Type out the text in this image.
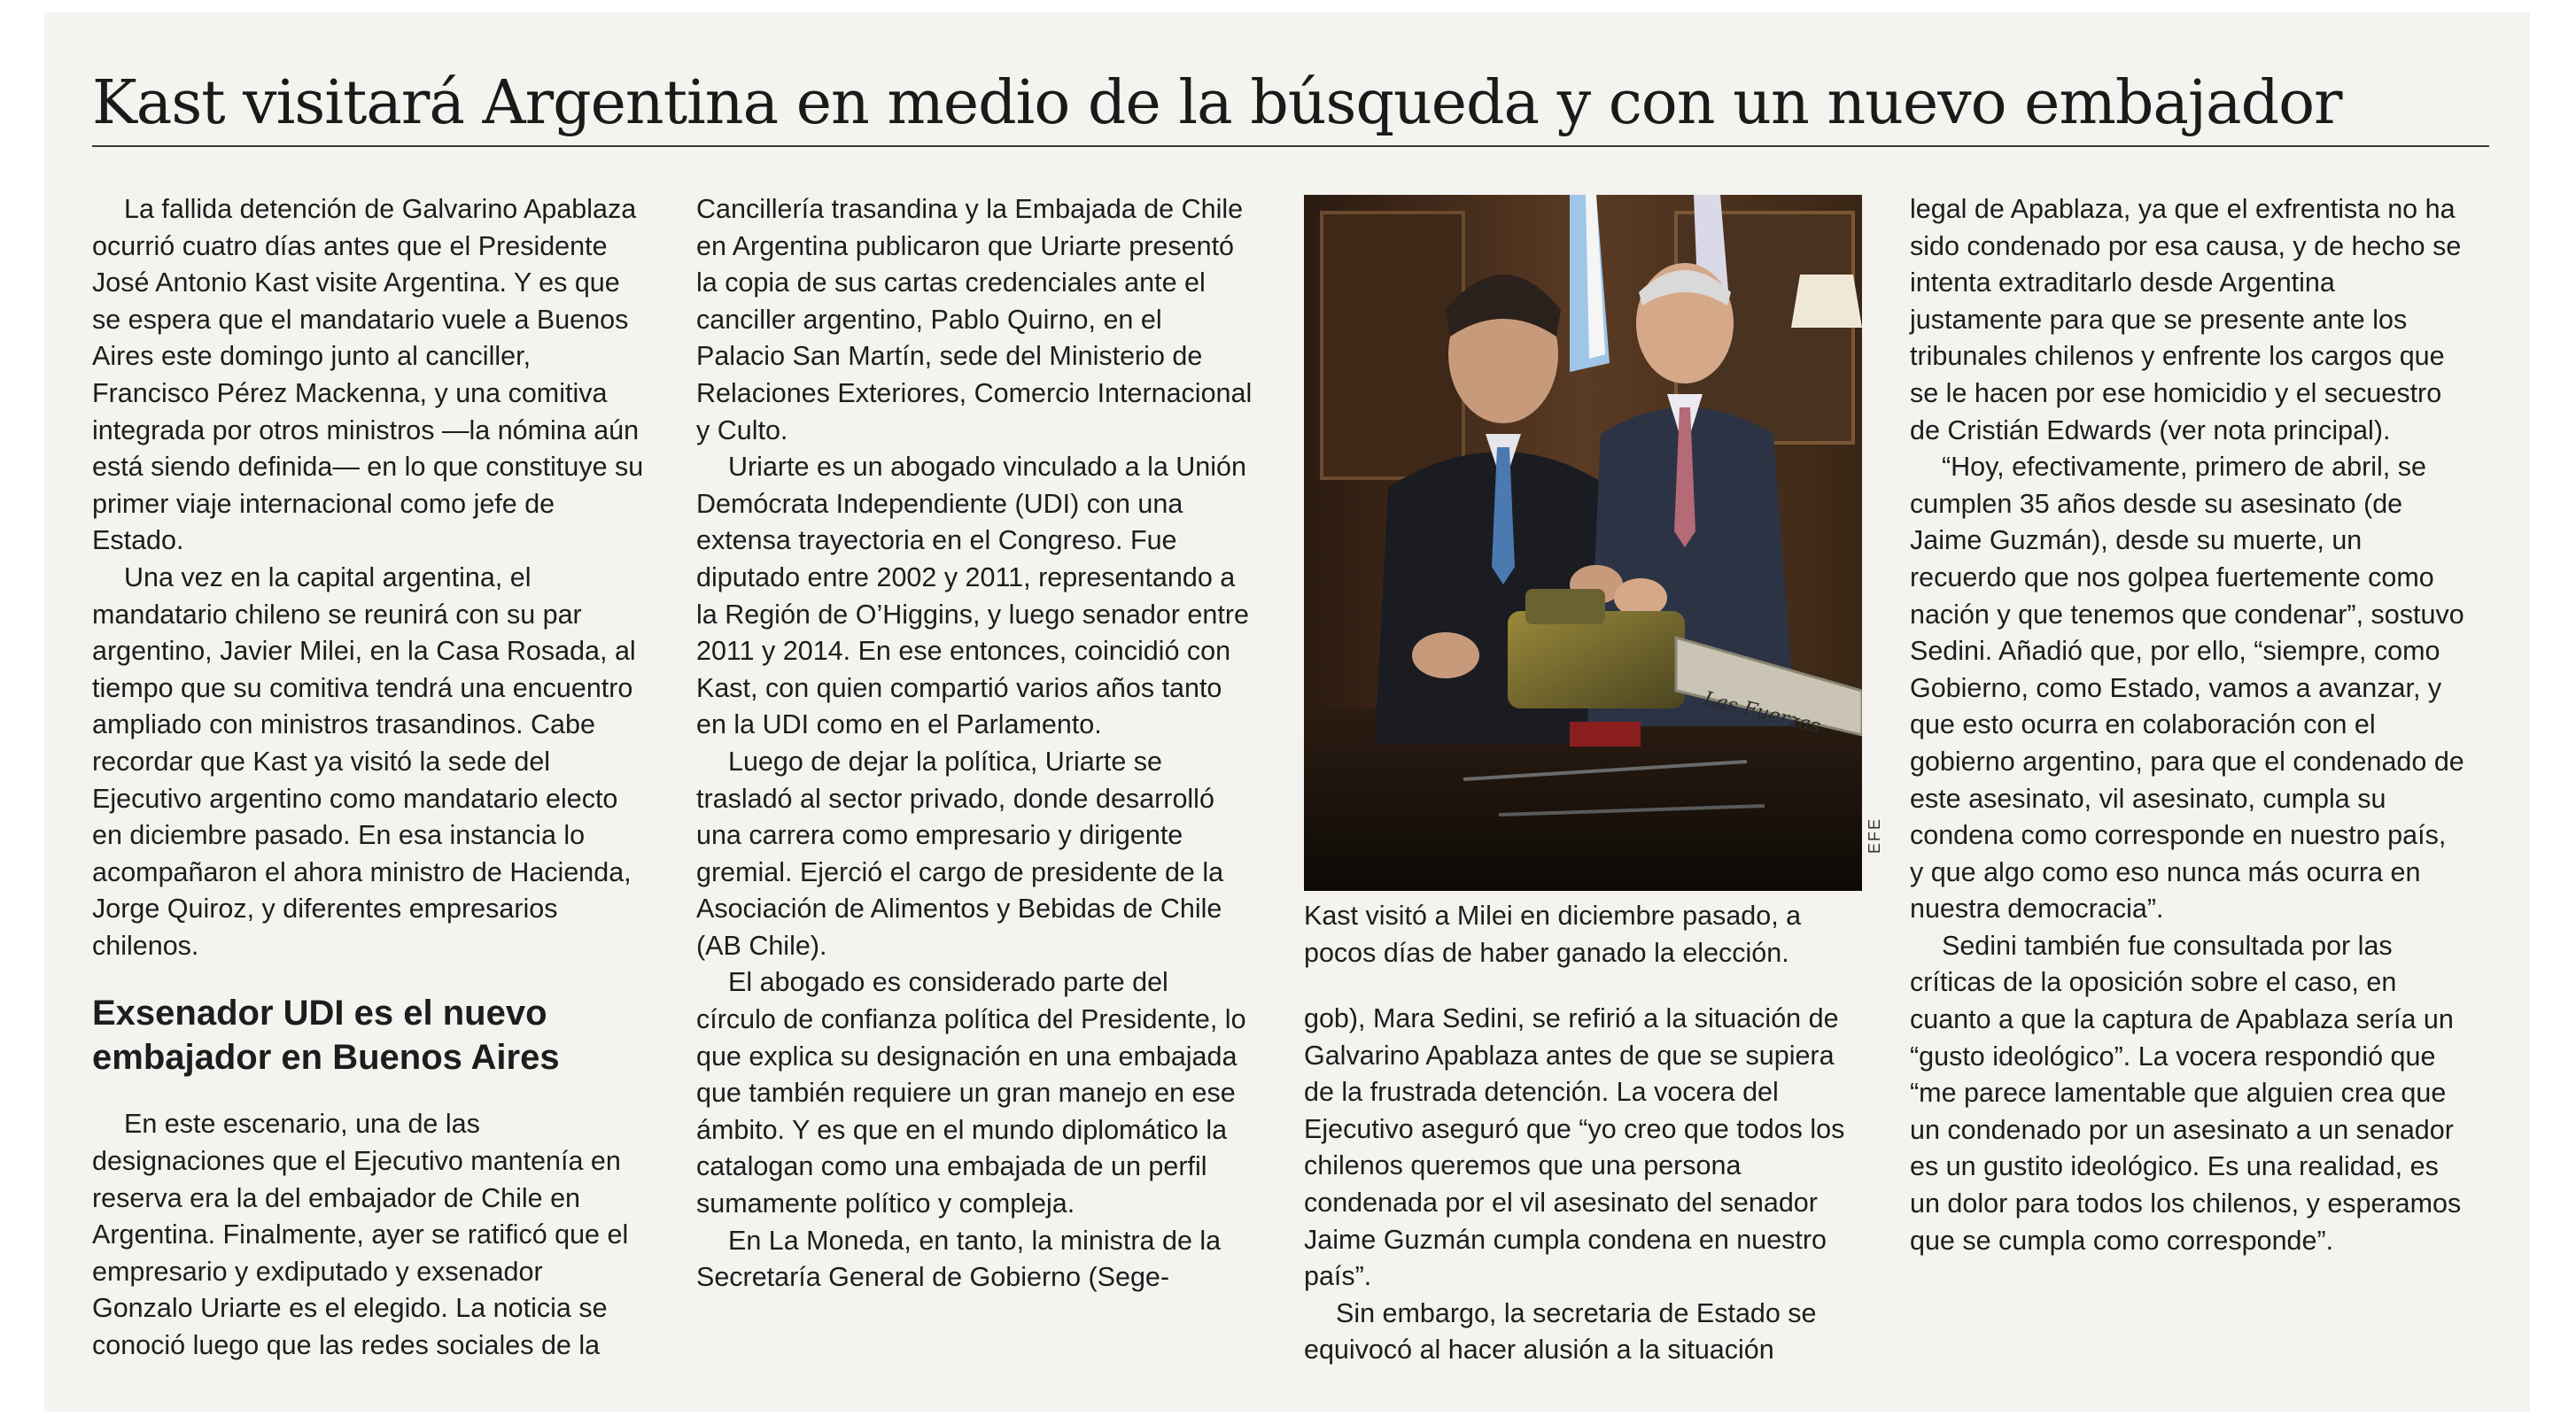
Kast visitará Argentina en medio de la búsqueda y con un nuevo embajador

La fallida detención de Galvarino Apablaza ocurrió cuatro días antes que el Presidente José Antonio Kast visite Argentina. Y es que se espera que el mandatario vuele a Buenos Aires este domingo junto al canciller, Francisco Pérez Mackenna, y una comitiva integrada por otros ministros —la nómina aún está siendo definida— en lo que constituye su primer viaje internacional como jefe de Estado.

Una vez en la capital argentina, el mandatario chileno se reunirá con su par argentino, Javier Milei, en la Casa Rosada, al tiempo que su comitiva tendrá una encuentro ampliado con ministros trasandinos. Cabe recordar que Kast ya visitó la sede del Ejecutivo argentino como mandatario electo en diciembre pasado. En esa instancia lo acompañaron el ahora ministro de Hacienda, Jorge Quiroz, y diferentes empresarios chilenos.

Exsenador UDI es el nuevo embajador en Buenos Aires

En este escenario, una de las designaciones que el Ejecutivo mantenía en reserva era la del embajador de Chile en Argentina. Finalmente, ayer se ratificó que el empresario y exdiputado y exsenador Gonzalo Uriarte es el elegido. La noticia se conoció luego que las redes sociales de la

Cancillería trasandina y la Embajada de Chile en Argentina publicaron que Uriarte presentó la copia de sus cartas credenciales ante el canciller argentino, Pablo Quirno, en el Palacio San Martín, sede del Ministerio de Relaciones Exteriores, Comercio Internacional y Culto.

Uriarte es un abogado vinculado a la Unión Demócrata Independiente (UDI) con una extensa trayectoria en el Congreso. Fue diputado entre 2002 y 2011, representando a la Región de O’Higgins, y luego senador entre 2011 y 2014. En ese entonces, coincidió con Kast, con quien compartió varios años tanto en la UDI como en el Parlamento.

Luego de dejar la política, Uriarte se trasladó al sector privado, donde desarrolló una carrera como empresario y dirigente gremial. Ejerció el cargo de presidente de la Asociación de Alimentos y Bebidas de Chile (AB Chile).

El abogado es considerado parte del círculo de confianza política del Presidente, lo que explica su designación en una embajada que también requiere un gran manejo en ese ámbito. Y es que en el mundo diplomático la catalogan como una embajada de un perfil sumamente político y compleja.

En La Moneda, en tanto, la ministra de la Secretaría General de Gobierno (Sege-

Las Fuerzas
EFE
Kast visitó a Milei en diciembre pasado, a pocos días de haber ganado la elección.

gob), Mara Sedini, se refirió a la situación de Galvarino Apablaza antes de que se supiera de la frustrada detención. La vocera del Ejecutivo aseguró que “yo creo que todos los chilenos queremos que una persona condenada por el vil asesinato del senador Jaime Guzmán cumpla condena en nuestro país”.

Sin embargo, la secretaria de Estado se equivocó al hacer alusión a la situación

legal de Apablaza, ya que el exfrentista no ha sido condenado por esa causa, y de hecho se intenta extraditarlo desde Argentina justamente para que se presente ante los tribunales chilenos y enfrente los cargos que se le hacen por ese homicidio y el secuestro de Cristián Edwards (ver nota principal).

“Hoy, efectivamente, primero de abril, se cumplen 35 años desde su asesinato (de Jaime Guzmán), desde su muerte, un recuerdo que nos golpea fuertemente como nación y que tenemos que condenar”, sostuvo Sedini. Añadió que, por ello, “siempre, como Gobierno, como Estado, vamos a avanzar, y que esto ocurra en colaboración con el gobierno argentino, para que el condenado de este asesinato, vil asesinato, cumpla su condena como corresponde en nuestro país, y que algo como eso nunca más ocurra en nuestra democracia”.

Sedini también fue consultada por las críticas de la oposición sobre el caso, en cuanto a que la captura de Apablaza sería un “gusto ideológico”. La vocera respondió que “me parece lamentable que alguien crea que un condenado por un asesinato a un senador es un gustito ideológico. Es una realidad, es un dolor para todos los chilenos, y esperamos que se cumpla como corresponde”.
